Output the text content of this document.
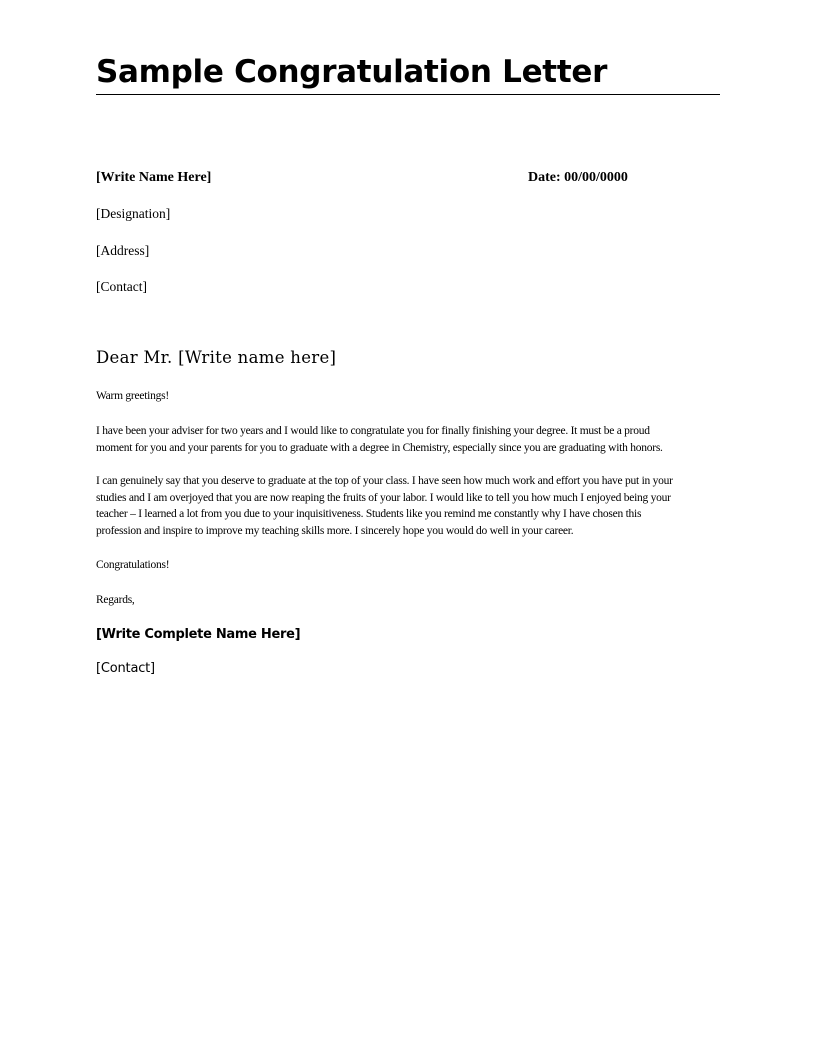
Sample Congratulation Letter
[Write Name Here]	Date: 00/00/0000
[Designation]
[Address]
[Contact]
Dear Mr. [Write name here]

Warm greetings!

I have been your adviser for two years and I would like to congratulate you for finally finishing your degree. It must be a proud
moment for you and your parents for you to graduate with a degree in Chemistry, especially since you are graduating with honors.

I can genuinely say that you deserve to graduate at the top of your class. I have seen how much work and effort you have put in your
studies and I am overjoyed that you are now reaping the fruits of your labor. I would like to tell you how much I enjoyed being your
teacher – I learned a lot from you due to your inquisitiveness. Students like you remind me constantly why I have chosen this
profession and inspire to improve my teaching skills more. I sincerely hope you would do well in your career.

Congratulations!

Regards,

[Write Complete Name Here]
[Contact]
